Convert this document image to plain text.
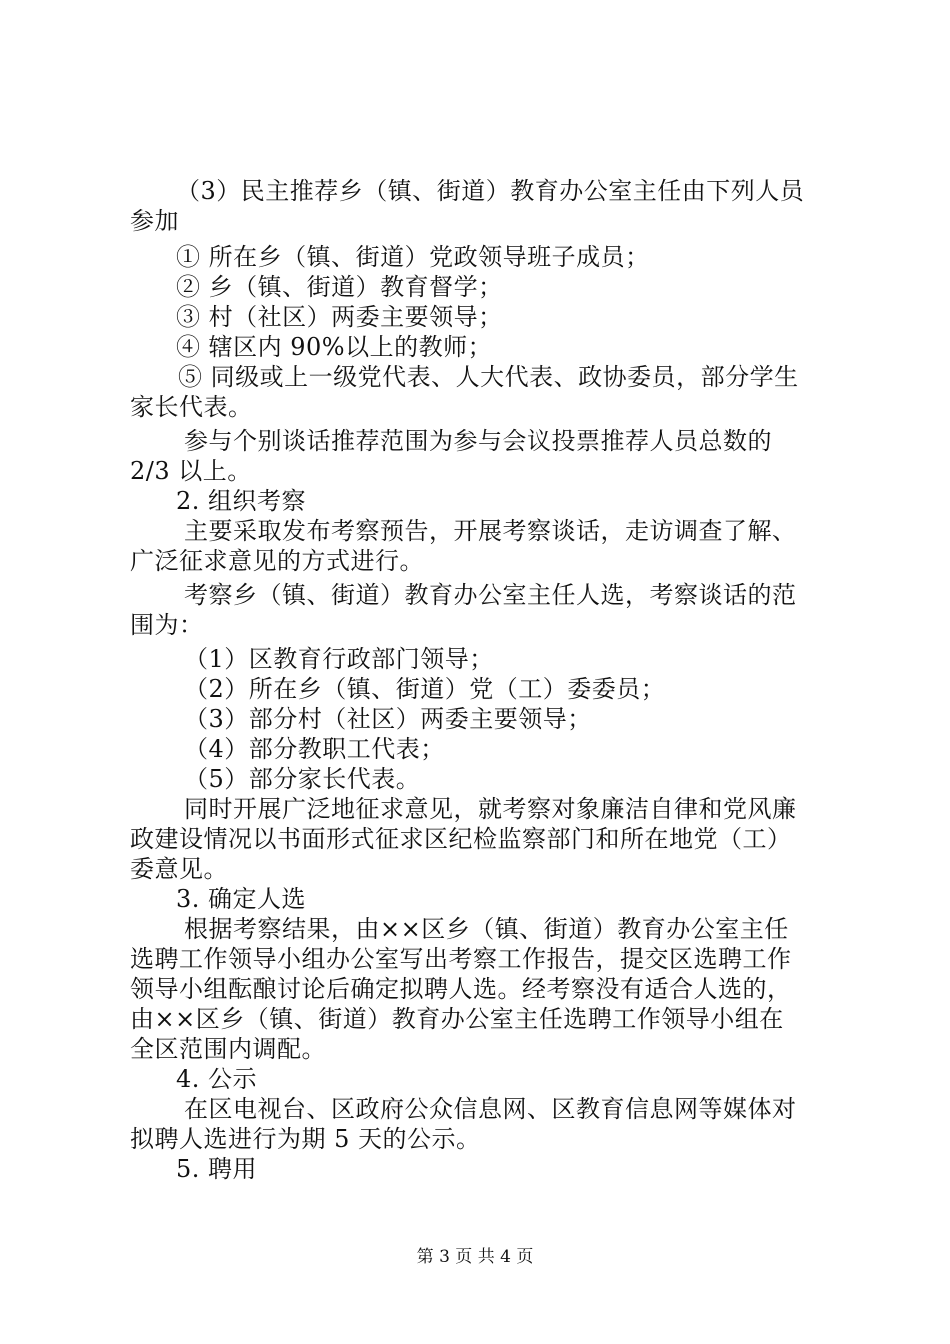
（3）民主推荐乡（镇、街道）教育办公室主任由下列人员
参加
① 所在乡（镇、街道）党政领导班子成员；
② 乡（镇、街道）教育督学；
③ 村（社区）两委主要领导；
④ 辖区内 90%以上的教师；
⑤ 同级或上一级党代表、人大代表、政协委员，部分学生
家长代表。
参与个别谈话推荐范围为参与会议投票推荐人员总数的
2/3 以上。
2. 组织考察
主要采取发布考察预告，开展考察谈话，走访调查了解、
广泛征求意见的方式进行。
考察乡（镇、街道）教育办公室主任人选，考察谈话的范
围为：
（1）区教育行政部门领导；
（2）所在乡（镇、街道）党（工）委委员；
（3）部分村（社区）两委主要领导；
（4）部分教职工代表；
（5）部分家长代表。
同时开展广泛地征求意见，就考察对象廉洁自律和党风廉
政建设情况以书面形式征求区纪检监察部门和所在地党（工）
委意见。
3. 确定人选
根据考察结果，由××区乡（镇、街道）教育办公室主任
选聘工作领导小组办公室写出考察工作报告，提交区选聘工作
领导小组酝酿讨论后确定拟聘人选。经考察没有适合人选的，
由××区乡（镇、街道）教育办公室主任选聘工作领导小组在
全区范围内调配。
4. 公示
在区电视台、区政府公众信息网、区教育信息网等媒体对
拟聘人选进行为期 5 天的公示。
5. 聘用
第 3 页 共 4 页
